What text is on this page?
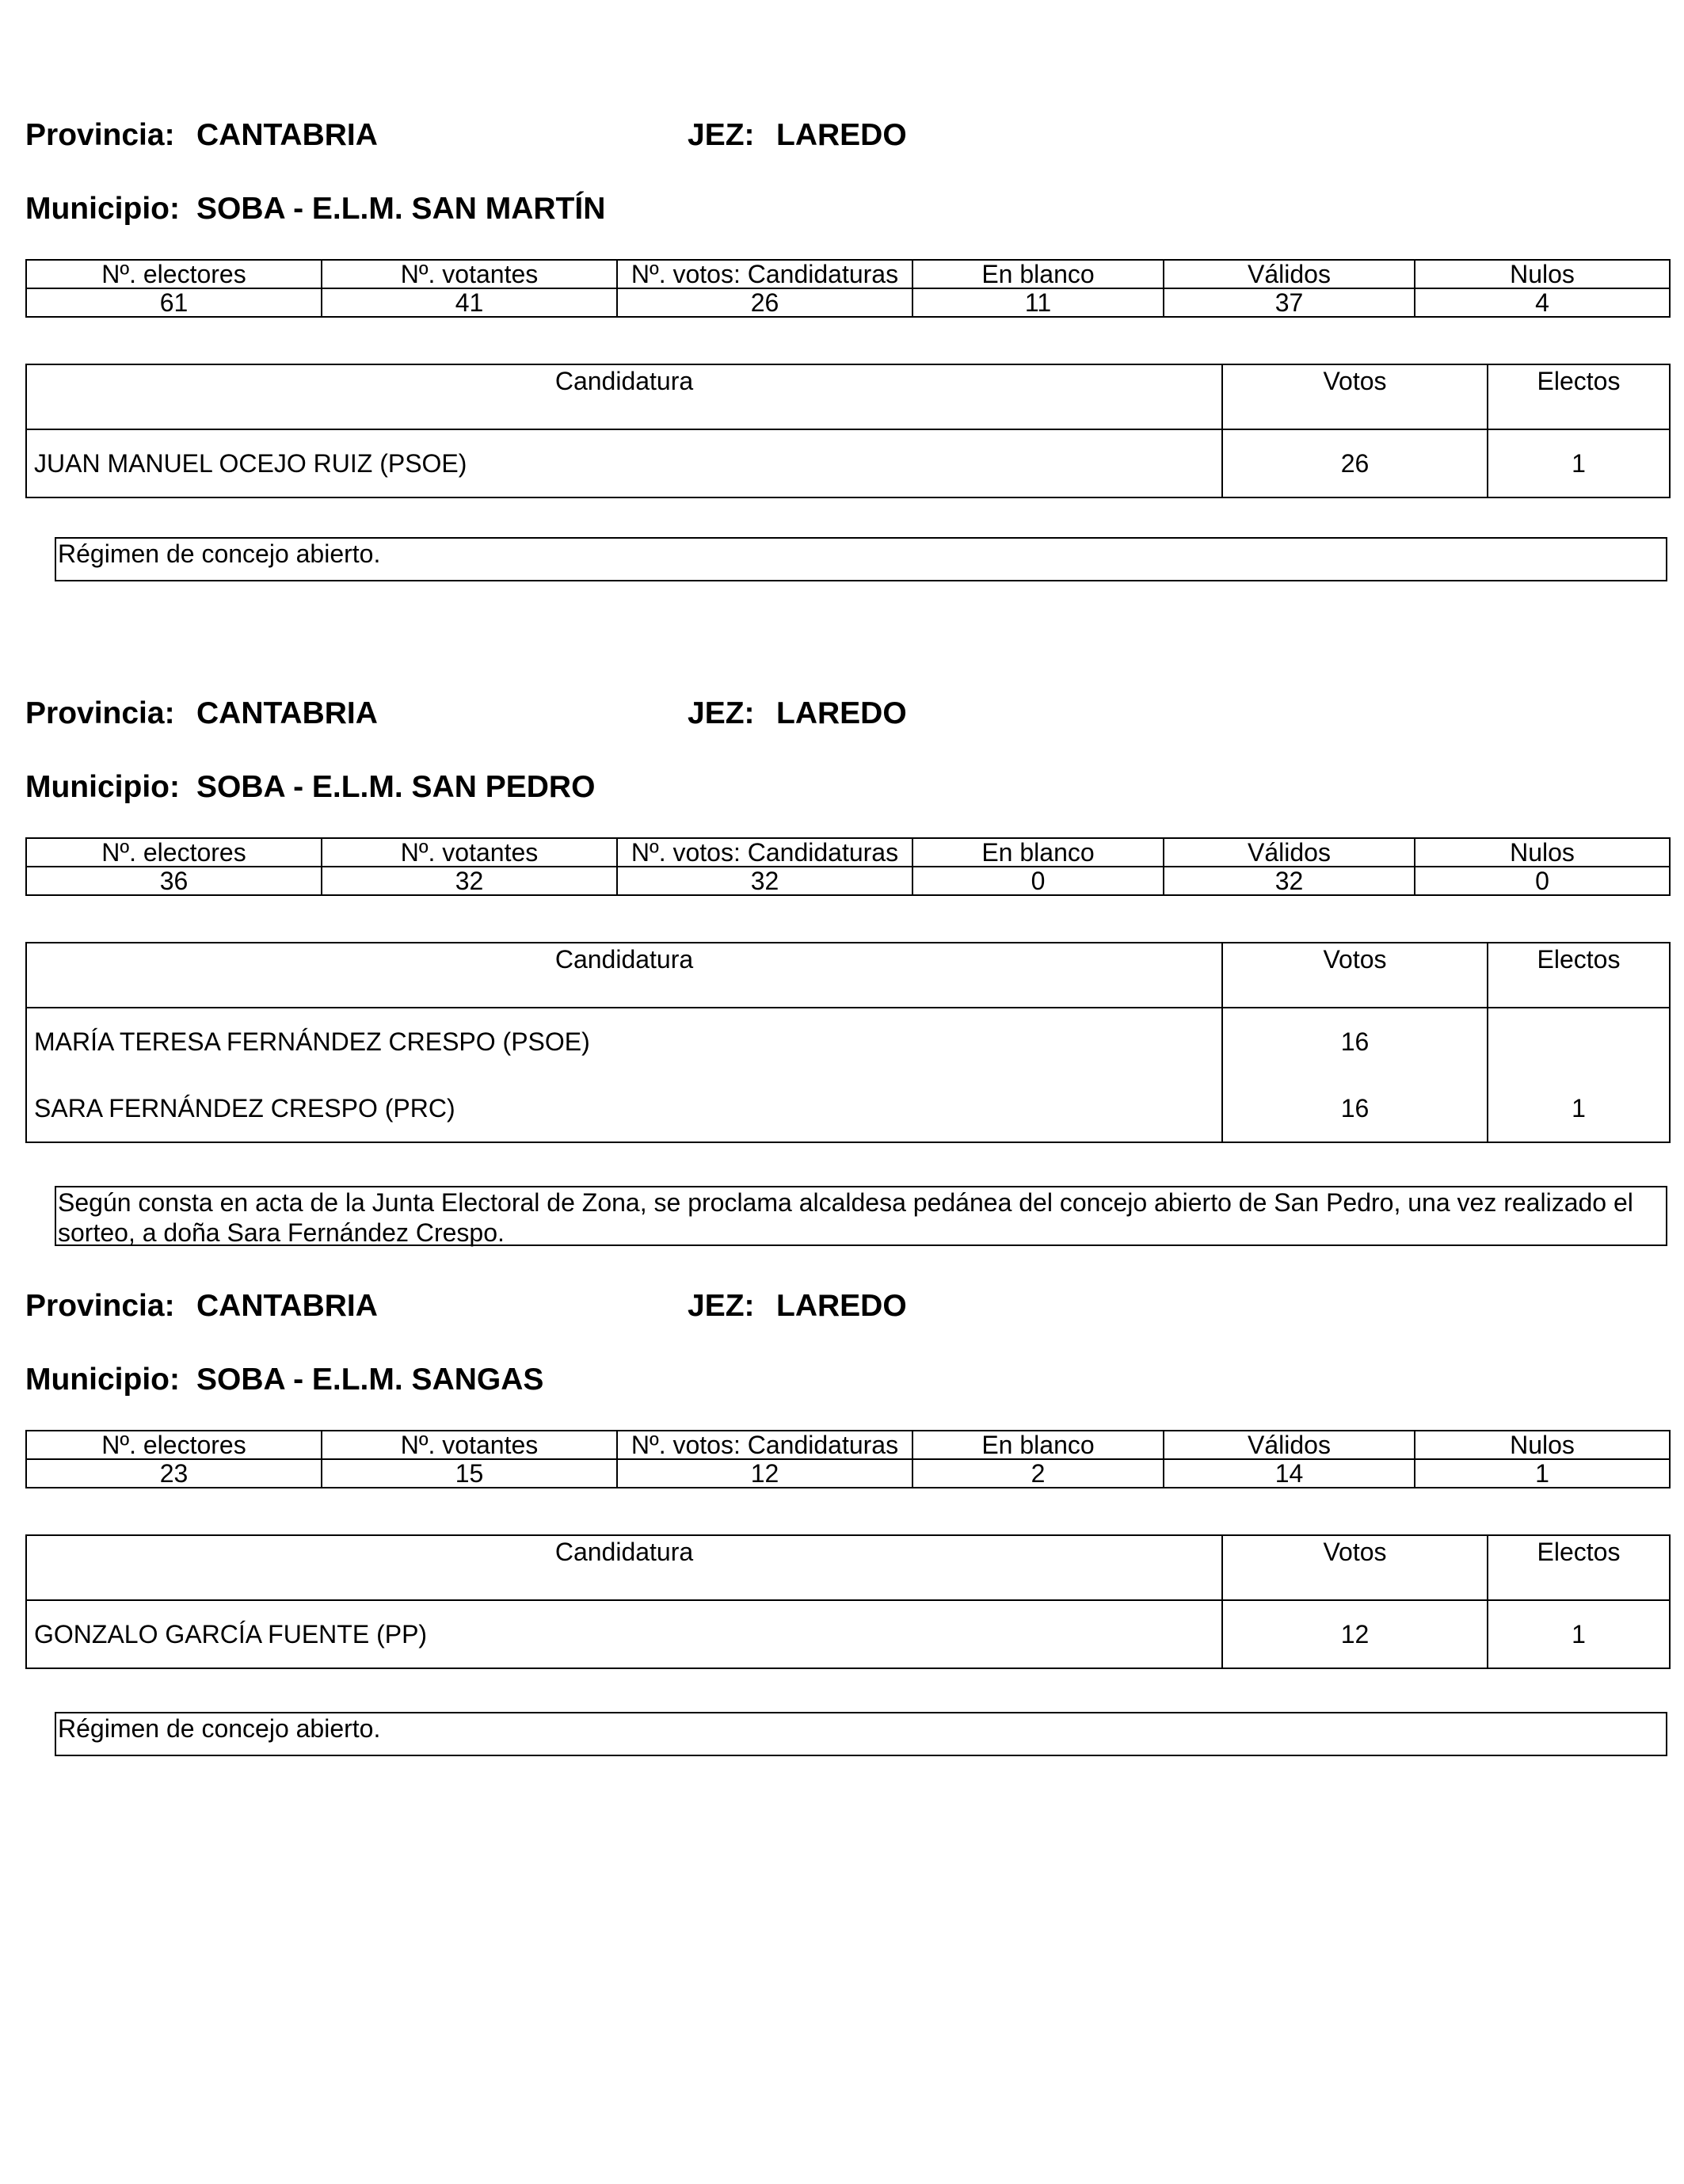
Provincia: CANTABRIA	JEZ: LAREDO
Municipio: SOBA - E.L.M. SAN MARTÍN
Nº. electores	Nº. votantes	Nº. votos: Candidaturas	En blanco	Válidos	Nulos
61	41	26	11	37	4
Candidatura	Votos	Electos
JUAN MANUEL OCEJO RUIZ (PSOE)	26	1
Régimen de concejo abierto.
Provincia: CANTABRIA	JEZ: LAREDO
Municipio: SOBA - E.L.M. SAN PEDRO
Nº. electores	Nº. votantes	Nº. votos: Candidaturas	En blanco	Válidos	Nulos
36	32	32	0	32	0
Candidatura	Votos	Electos
MARÍA TERESA FERNÁNDEZ CRESPO (PSOE)	16	
SARA FERNÁNDEZ CRESPO (PRC)	16	1
Según consta en acta de la Junta Electoral de Zona, se proclama alcaldesa pedánea del concejo abierto de San Pedro, una vez realizado el sorteo, a doña Sara Fernández Crespo.
Provincia: CANTABRIA	JEZ: LAREDO
Municipio: SOBA - E.L.M. SANGAS
Nº. electores	Nº. votantes	Nº. votos: Candidaturas	En blanco	Válidos	Nulos
23	15	12	2	14	1
Candidatura	Votos	Electos
GONZALO GARCÍA FUENTE (PP)	12	1
Régimen de concejo abierto.
